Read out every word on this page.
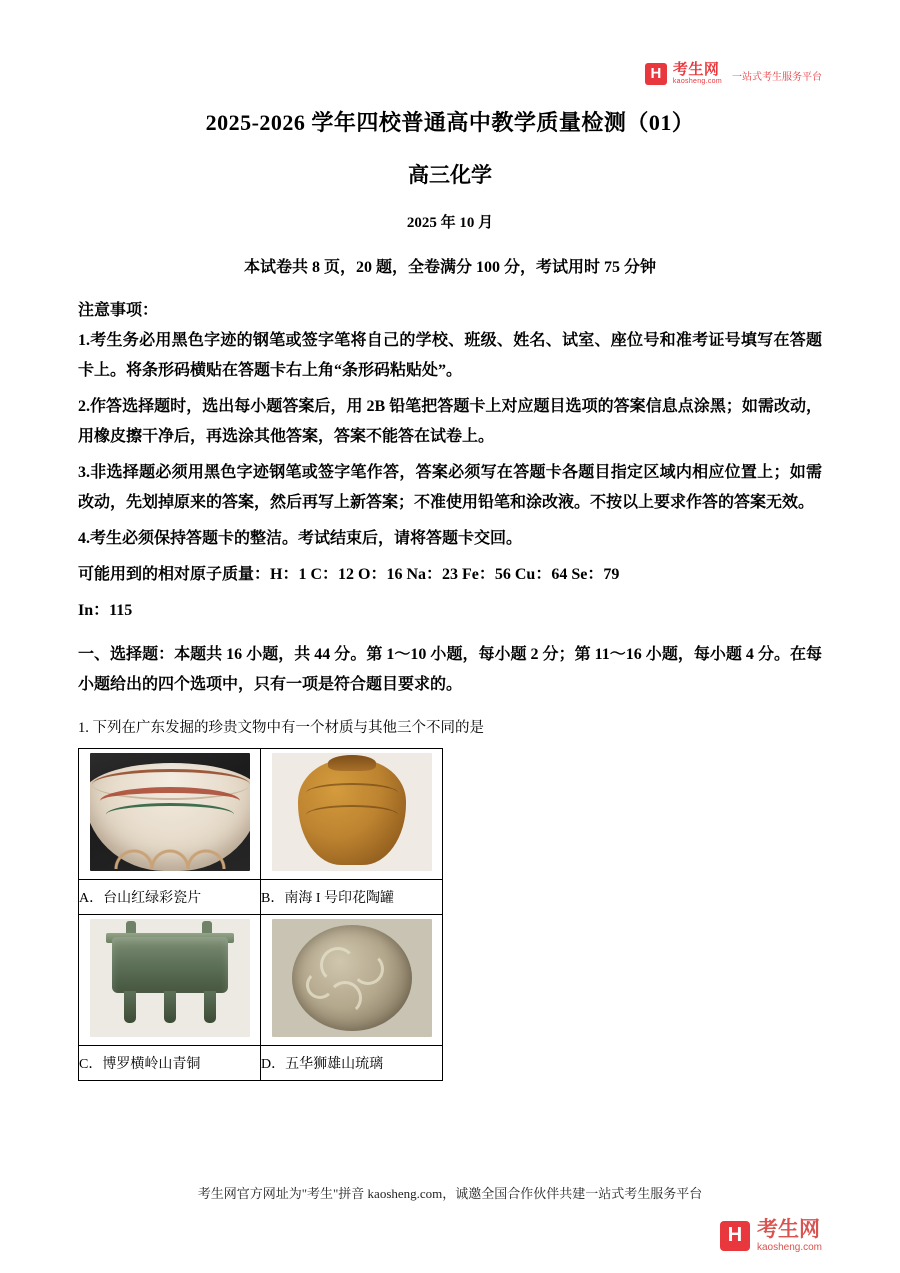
H 考生网
kaosheng.com 一站式考生服务平台
2025-2026 学年四校普通高中教学质量检测（01）
高三化学
2025 年 10 月
本试卷共 8 页，20 题，全卷满分 100 分，考试用时 75 分钟
注意事项：

1.考生务必用黑色字迹的钢笔或签字笔将自己的学校、班级、姓名、试室、座位号和准考证号填写在答题卡上。将条形码横贴在答题卡右上角“条形码粘贴处”。

2.作答选择题时，选出每小题答案后，用 2B 铅笔把答题卡上对应题目选项的答案信息点涂黑；如需改动，用橡皮擦干净后，再选涂其他答案，答案不能答在试卷上。

3.非选择题必须用黑色字迹钢笔或签字笔作答，答案必须写在答题卡各题目指定区域内相应位置上；如需改动，先划掉原来的答案，然后再写上新答案；不准使用铅笔和涂改液。不按以上要求作答的答案无效。

4.考生必须保持答题卡的整洁。考试结束后，请将答题卡交回。

可能用到的相对原子质量：H：1 C：12 O：16 Na：23 Fe：56 Cu：64 Se：79

In：115

一、选择题：本题共 16 小题，共 44 分。第 1～10 小题，每小题 2 分；第 11～16 小题，每小题 4 分。在每小题给出的四个选项中，只有一项是符合题目要求的。
1. 下列在广东发掘的珍贵文物中有一个材质与其他三个不同的是

A．台山红绿彩瓷片	B．南海 I 号印花陶罐

C．博罗横岭山青铜	D．五华狮雄山琉璃
考生网官方网址为"考生"拼音 kaosheng.com，诚邀全国合作伙伴共建一站式考生服务平台
H 考生网
kaosheng.com
